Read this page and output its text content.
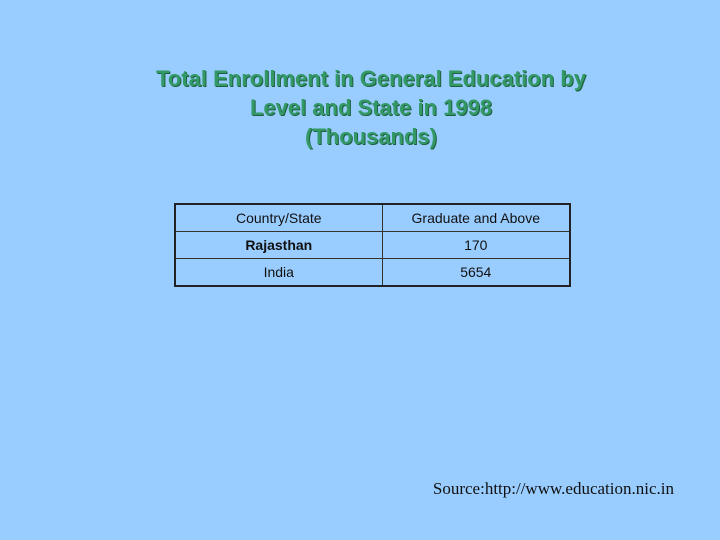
Total Enrollment in General Education by
Level and State in 1998
(Thousands)
Country/State	Graduate and Above
Rajasthan	170
India	5654

Source:http://www.education.nic.in
